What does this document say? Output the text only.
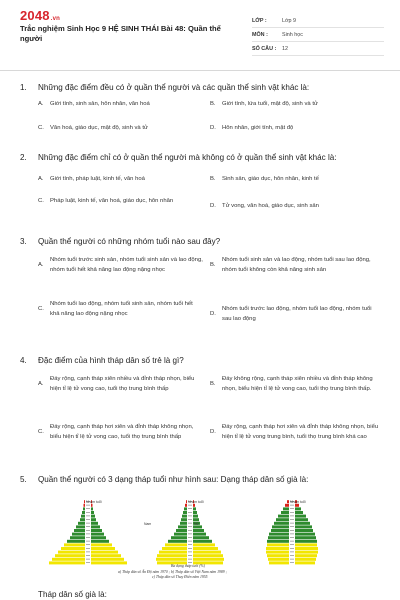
2048.vn
Trắc nghiệm Sinh Học 9 HỆ SINH THÁI Bài 48: Quần thể người
LỚP :	Lớp 9
MÔN :	Sinh học
SỐ CÂU :	12
1.	Những đặc điểm đều có ở quần thể người và các quần thể sinh vật khác là:
A.	Giới tính, sinh sản, hôn nhân, văn hoá	B.	Giới tính, lứa tuổi, mật độ, sinh và tử
C.	Văn hoá, giáo dục, mật độ, sinh và tử	D.	Hôn nhân, giới tính, mật độ
2.	Những đặc điểm chỉ có ở quần thể người mà không có ở quần thể sinh vật khác là:
A.	Giới tính, pháp luật, kinh tế, văn hoá	B.	Sinh sản, giáo dục, hôn nhân, kinh tế
C.	Pháp luật, kinh tế, văn hoá, giáo dục, hôn nhân
D.	Tử vong, văn hoá, giáo dục, sinh sản
3.	Quần thể người có những nhóm tuổi nào sau đây?
A.
Nhóm tuổi trước sinh sản, nhóm tuổi sinh sản và lao động, nhóm tuổi hết khả năng lao động nặng nhọc
B.
Nhóm tuổi sinh sản và lao động, nhóm tuổi sau lao động, nhóm tuổi không còn khả năng sinh sản
C.
Nhóm tuổi lao động, nhóm tuổi sinh sản, nhóm tuổi hết khả năng lao động nặng nhọc	D.
Nhóm tuổi trước lao động, nhóm tuổi lao động, nhóm tuổi sau lao động
4.	Đặc điểm của hình tháp dân số trẻ là gì?
A.
Đáy rộng, cạnh tháp xiên nhiều và đỉnh tháp nhọn, biểu hiện tỉ lệ tử vong cao, tuổi thọ trung bình thấp
B.
Đáy không rộng, cạnh tháp xiên nhiều và đỉnh tháp không nhọn, biểu hiện tỉ lệ tử vong cao, tuổi thọ trung bình thấp.
C.
Đáy rộng, cạnh tháp hơi xiên và đỉnh tháp không nhọn, biểu hiện tỉ lệ tử vong cao, tuổi thọ trung bình thấp
D.
Đáy rộng, cạnh tháp hơi xiên và đỉnh tháp không nhọn, biểu hiện tỉ lệ tử vong trung bình, tuổi thọ trung bình khá cao
5.	Quần thể người có 3 dạng tháp tuổi như hình sau: Dạng tháp dân số già là:
Nhóm tuổi	Nhóm tuổi	Nhóm tuổi
Nam	Nữ
Ba dạng tháp tuổi (%)
a) Tháp dân số Ấn Độ năm 1970 ; b) Tháp dân số Việt Nam năm 1989 ;
c) Tháp dân số Thuỵ Điển năm 1955
Tháp dân số già là:
